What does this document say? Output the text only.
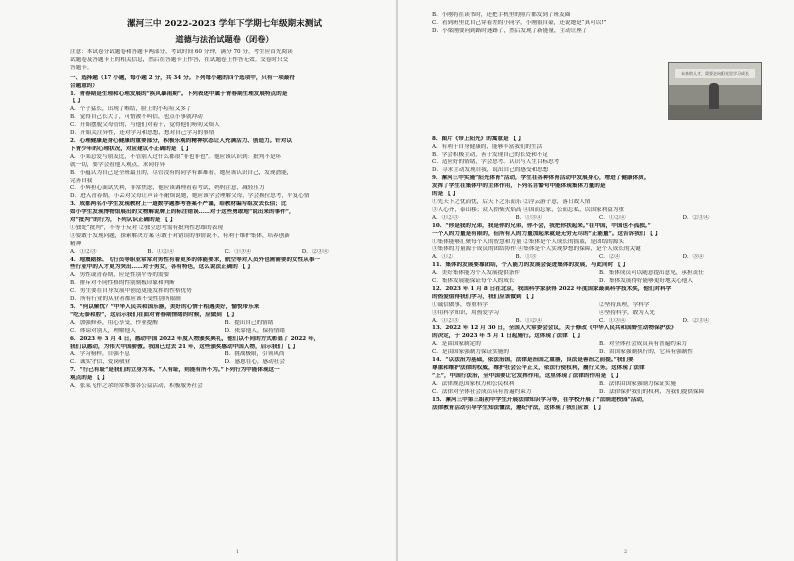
漯河三中 2022-2023 学年下学期七年级期末测试
道德与法治试题卷（闭卷）
注意：本试卷分试题卷和答题卡两部分，考试时间 60 分钟，满分 70 分。考生应首先阅读
试题卷及答题卡上的相关信息，然后在答题卡上作答，在试题卷上作答无效。交卷时只交
答题卡。
一、选择题（17 小题，每小题 2 分，共 34 分。下列每小题的四个选项中，只有一项最符
合题意的）
1．青春期是生理和心理发展的“疾风暴雨期”。下列表述中属于青春期生理发展特点的是
【 】
A．个子猛长，出现了喉结，脸上的小痘痘又多了
B．觉得自己长大了，可惜被不叫信，也点小事就冲动
C．开始摆脱父母管的，与他们对着干，觉得他们唠叨又烦人
D．开始关注异性，还对学习和思想，想对自己学习的事情
2．心理健康是身心健康的重要部分，积极乐观的精神状态让人充满活力、创造力。针对以
下青少年的心理状况，对应建议不正确的是 【 】
A．小栾总爱与朋友比，不管别人过什么都很“非也非也”。他应该认识到：批判不是坏
就一切，要学会看他人观点，求同存异
B．小蕴认为自己是全班最丑的，尽管没有的同学有谁难看，她应该认识自己，发现潜能，
完善自我
C．小辉担心面试失利，非常焦虑，他应该调理看着考试，妈妈注意，减轻压力
D．进入青春期，小芸对父母让声音不耐烦说她，她应该学会理解父母，学会换位思考，平复心情
3．成都两名小学生发现教材上一道数学题参考答案不严谨，给教材编写组发去长信；比
如小学生发现博物馆展出的文物解说牌上的标注错误……对于这些勇敢地“说出来的事件”，
对“批判”的行为，下列认识正确的是 【 】
①独处“批判”，不等于反对 ②独立思考需有批判性思维的表现
③要敢于发现问题，探索解决方案 ④敢于对错误的事情说不，有利于维护集体，培养创新
精神
A．①②③	B．①②④	C．①③④	D．②③④
4．地震勘探、飞行员等职业常常对男性有着更多的体能要求，航空等对人员外也需需要的女性从事一
些行业中的人才更为突出……对于男女，各有特色，这么说法正确的 【 】
A．男性或青春期，应是性别平等的需要
B．排斥对不同性格的性别刻板印象和判断
C．男生要在自身发展中创造更能发挥的性格优势
D．所有行业的从业者都应该不受性别所限制
5．“何以解忧？”中华人民共和国乐器，美好的心情于相遇美好，愉悦带乐来
“吃无泰和腔”，这启示我们在面对青春期情绪的时候，应做到 【 】
A．加强修养，用心享受，作业提醒	B．提出自己的情绪
C．体谅对别人，理解他人	D．依靠他人，保持情绪
6．2023 年 3 月 4 日，感动中国 2022 年度人物颁奖典礼，他们以不同的方式彰显了 2022 年，
我们以感动，为伟大中国骄傲。我国已过去 21 年，这些颁奖感动中国人物，启示我们 【 】
A．学习榜样，自强不息	B．挑战极限，引领风尚
C．诚实守信，爱岗敬业	D．感恩在心，感动社会
7．“行己有耻”是我们的立身为本。“人有耻，则能有所不为。”下列行为中能体现这一
观点的是 【 】
A．张某飞作之余经常参加各公益活动，积极服务社会
1
未来的人才，需要走向阳光里学习成长
B．小刚将在读书时，还把手机里的照片都发到了班友圈
C．看到班里比自己穿着差的小同学，小刚很自豪，还说她是“真可以!”
D．小梁刚要问到路时迷路了，然后发现了新能量，主动让座了
8．图片《带上阳光》的寓意是 【 】
A．有利于自身健康的，能够丰富我们的生活
B．学会积极主动，善于发现自己的长处和不足
C．适应好的情绪，学会思考。认识与人生目标思考
D．寻求主动发现自我，说出自己的感受和思想
9．漯河三中实施“阳光体育”活动，学生在各种体育活动中发展身心，增进了健康体质。
发挥了学生在集体中的主体作用，下列名言警句中能体现集体力量的是
的是 【 】
①先天下之忧而忧，后天下之乐而乐 ②浮云游子意，落日故人情
③人心齐，泰山移；众人拾柴火焰高 ④国而忘家，公而忘私，以国家利益为重
A．①②③	B．①③④	C．①②④	D．②③④
10．“你是我的兄弟，我是你的兄弟，你不会，我把你扶起来。”在中国，中国也不孤独。”
一个人的力量是有限的，但所有人的力量加起来就是无穷无尽的“正能量”。这告诉我们 【 】
①集体能够汇聚每个人的智慧和力量 ②集体是个人成长的摇篮，是团结的源头
③集体的力量源于成员的团结协作 ④集体是个人实现梦想的保障，是个人成长的关键
A．①②	B．①③	C．②④	D．③④
11．集体的发展要靠团结，个人能力的发展会促进集体的发展，与此同时 【 】
A．美好集体能为个人发展提供条件	B．集体成员可以随意提出意见，承担责任
C．集体发展能保证每个人的成长	D．集体发展得好能够更好地关心他人
12．2023 年 1 月 8 日在北京，我国科学家获得 2022 年度国家最高科学技术奖，他们对科学
的热爱值得我们学习，我们应该做到 【 】
①诚信做事，尊重科学	②坚持真理，学科学
③用科学知识，用热爱学习	④坚持科学，敢为人先
A．①②③	B．①②④	C．①③④	D．②③④
13．2022 年 12 月 30 日，全国人大常委会会议，关于修改《中华人民共和国野生动物保护法》
的决定，于 2023 年 5 月 1 日起施行。这体现了法律 【 】
A．是由国家制定的	B．对全体社会成员具有普遍约束力
C．是由国家强制力保证实施的	D．由国家强制执行的，它具有强制性
14．“以法治为基础，依法治国，法律是治国之重器，良法是善治之前提。”我们要
尊重和维护法律的权威，维护社会公平正义，依法行使权利，履行义务。这体现了法律
“上”，中国行法治，全中国要让它发挥作用，这里体现了法律的作用是 【 】
A．法律规范国家权力和公民权利	B．法律由国家强制力保证实施
C．法律对全体社会成员具有普遍约束力	D．法律保护我们的权利，为我们提供保障
15．漯河三中第三组初中学生开展法律知识学习等，在学校开展了“法制进校园”活动，
法律教育活动引导学生知法懂法，遵纪守法，这体现了我们应该 【 】
2
